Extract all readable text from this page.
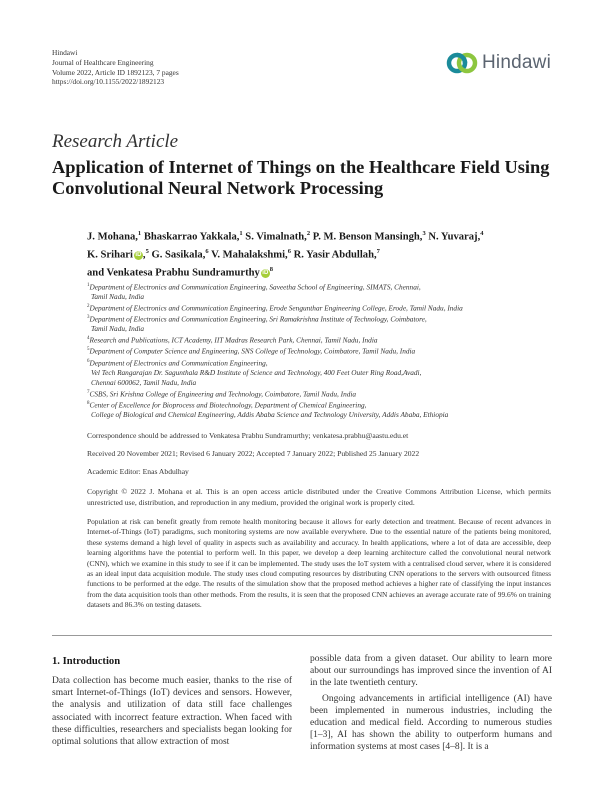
Hindawi
Journal of Healthcare Engineering
Volume 2022, Article ID 1892123, 7 pages
https://doi.org/10.1155/2022/1892123
Hindawi
Research Article
Application of Internet of Things on the Healthcare Field Using Convolutional Neural Network Processing
J. Mohana,$^1$ Bhaskarrao Yakkala,$^1$ S. Vimalnath,$^2$ P. M. Benson Mansingh,$^3$ N. Yuvaraj,$^4$
K. Srihari iD ,$^5$ G. Sasikala,$^6$ V. Mahalakshmi,$^6$ R. Yasir Abdullah,$^7$
and Venkatesa Prabhu Sundramurthy $iD^8$
$^1$Department of Electronics and Communication Engineering, Saveetha School of Engineering, SIMATS, Chennai,
Tamil Nadu, India
$^2$Department of Electronics and Communication Engineering, Erode Sengunthar Engineering College, Erode, Tamil Nadu, India
$^3$Department of Electronics and Communication Engineering, Sri Ramakrishna Institute of Technology, Coimbatore,
Tamil Nadu, India
$^4$Research and Publications, ICT Academy, IIT Madras Research Park, Chennai, Tamil Nadu, India
$^5$Department of Computer Science and Engineering, SNS College of Technology, Coimbatore, Tamil Nadu, India
$^6$Department of Electronics and Communication Engineering,
Vel Tech Rangarajan Dr. Sagunthala R&D Institute of Science and Technology, 400 Feet Outer Ring Road,Avadi,
Chennai 600062, Tamil Nadu, India
$^7$CSBS, Sri Krishna College of Engineering and Technology, Coimbatore, Tamil Nadu, India
$^8$Center of Excellence for Bioprocess and Biotechnology, Department of Chemical Engineering,
College of Biological and Chemical Engineering, Addis Ababa Science and Technology University, Addis Ababa, Ethiopia
Correspondence should be addressed to Venkatesa Prabhu Sundramurthy; venkatesa.prabhu@aastu.edu.et
Received 20 November 2021; Revised 6 January 2022; Accepted 7 January 2022; Published 25 January 2022
Academic Editor: Enas Abdulhay
Copyright © 2022 J. Mohana et al. This is an open access article distributed under the Creative Commons Attribution License, which permits unrestricted use, distribution, and reproduction in any medium, provided the original work is properly cited.
Population at risk can benefit greatly from remote health monitoring because it allows for early detection and treatment. Because of recent advances in Internet-of-Things (IoT) paradigms, such monitoring systems are now available everywhere. Due to the essential nature of the patients being monitored, these systems demand a high level of quality in aspects such as availability and accuracy. In health applications, where a lot of data are accessible, deep learning algorithms have the potential to perform well. In this paper, we develop a deep learning architecture called the convolutional neural network (CNN), which we examine in this study to see if it can be implemented. The study uses the IoT system with a centralised cloud server, where it is considered as an ideal input data acquisition module. The study uses cloud computing resources by distributing CNN operations to the servers with outsourced fitness functions to be performed at the edge. The results of the simulation show that the proposed method achieves a higher rate of classifying the input instances from the data acquisition tools than other methods. From the results, it is seen that the proposed CNN achieves an average accurate rate of 99.6% on training datasets and 86.3% on testing datasets.
1. Introduction

Data collection has become much easier, thanks to the rise of smart Internet-of-Things (IoT) devices and sensors. However, the analysis and utilization of data still face challenges associated with incorrect feature extraction. When faced with these difficulties, researchers and specialists began looking for optimal solutions that allow extraction of most

possible data from a given dataset. Our ability to learn more about our surroundings has improved since the invention of AI in the late twentieth century.

Ongoing advancements in artificial intelligence (AI) have been implemented in numerous industries, including the education and medical field. According to numerous studies [1–3], AI has shown the ability to outperform humans and information systems at most cases [4–8]. It is a
